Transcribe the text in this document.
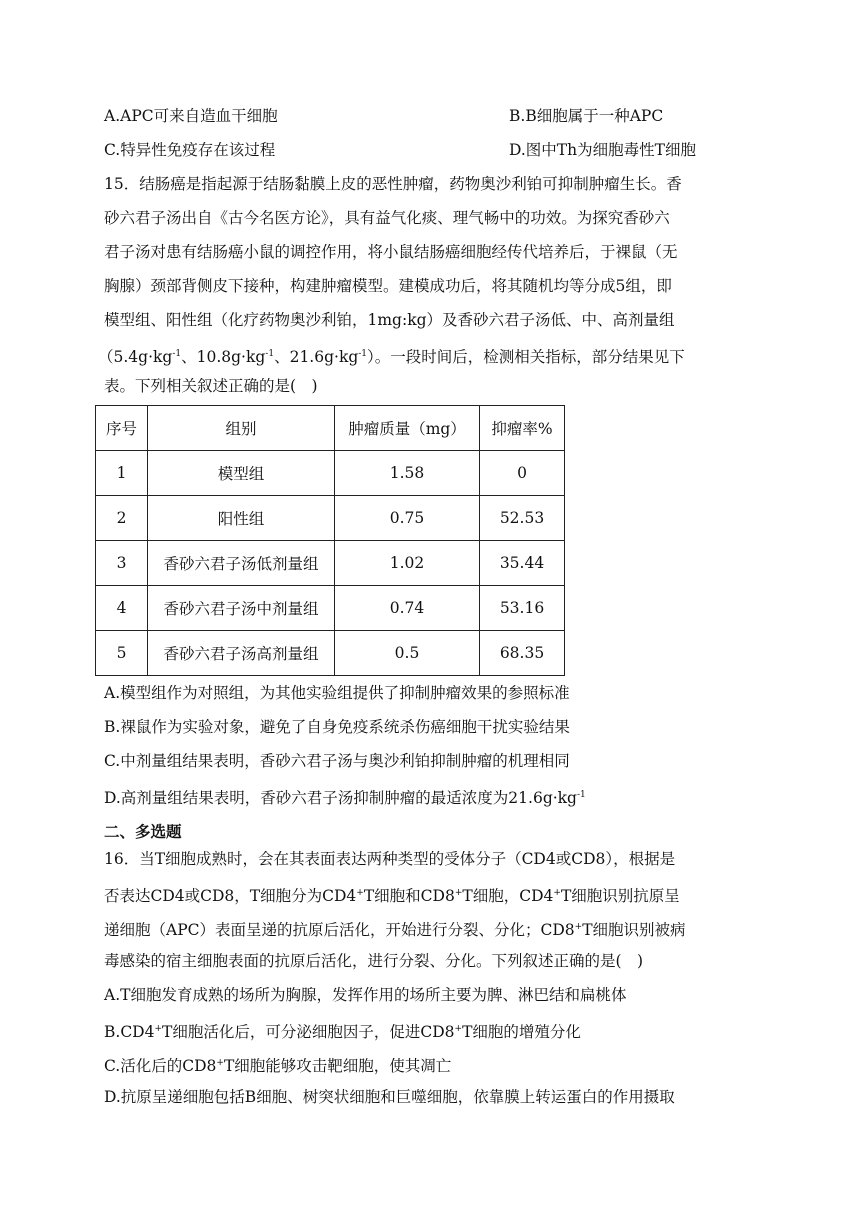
A.APC可来自造血干细胞	B.B细胞属于一种APC
C.特异性免疫存在该过程	D.图中Th为细胞毒性T细胞
15．结肠癌是指起源于结肠黏膜上皮的恶性肿瘤，药物奥沙利铂可抑制肿瘤生长。香
砂六君子汤出自《古今名医方论》，具有益气化痰、理气畅中的功效。为探究香砂六
君子汤对患有结肠癌小鼠的调控作用，将小鼠结肠癌细胞经传代培养后，于裸鼠（无
胸腺）颈部背侧皮下接种，构建肿瘤模型。建模成功后，将其随机均等分成5组，即
模型组、阳性组（化疗药物奥沙利铂，1mg:kg）及香砂六君子汤低、中、高剂量组
（$5.4g\cdot kg^{-1}$、$10.8g\cdot kg^{-1}$、$21.6g\cdot kg^{-1}$）。一段时间后，检测相关指标，部分结果见下
表。下列相关叙述正确的是(　)
序号	组别	肿瘤质量（mg）	抑瘤率%
1	模型组	1.58	0
2	阳性组	0.75	52.53
3	香砂六君子汤低剂量组	1.02	35.44
4	香砂六君子汤中剂量组	0.74	53.16
5	香砂六君子汤高剂量组	0.5	68.35
A.模型组作为对照组，为其他实验组提供了抑制肿瘤效果的参照标准
B.裸鼠作为实验对象，避免了自身免疫系统杀伤癌细胞干扰实验结果
C.中剂量组结果表明，香砂六君子汤与奥沙利铂抑制肿瘤的机理相同
D.高剂量组结果表明，香砂六君子汤抑制肿瘤的最适浓度为$21.6g\cdot kg^{-1}$
二、多选题
16．当T细胞成熟时，会在其表面表达两种类型的受体分子（CD4或CD8），根据是
否表达CD4或CD8，T细胞分为CD4+T细胞和CD8+T细胞，CD4+T细胞识别抗原呈
递细胞（APC）表面呈递的抗原后活化，开始进行分裂、分化；CD8+T细胞识别被病
毒感染的宿主细胞表面的抗原后活化，进行分裂、分化。下列叙述正确的是(　)
A.T细胞发育成熟的场所为胸腺，发挥作用的场所主要为脾、淋巴结和扁桃体
B.CD4+T细胞活化后，可分泌细胞因子，促进CD8+T细胞的增殖分化
C.活化后的CD8+T细胞能够攻击靶细胞，使其凋亡
D.抗原呈递细胞包括B细胞、树突状细胞和巨噬细胞，依靠膜上转运蛋白的作用摄取
